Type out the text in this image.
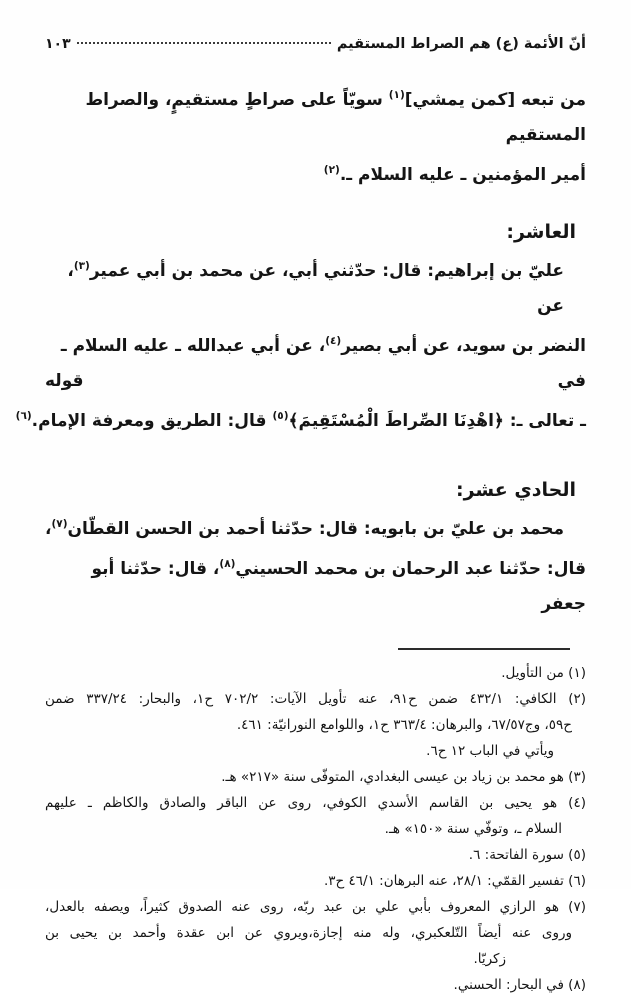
أنّ الأئمة (ع) هم الصراط المستقيم
١٠٣
من تبعه [كمن يمشي]$^{(١)}$ سويّاً على صراطٍ مستقيمٍ، والصراط المستقيم
أمير المؤمنين ـ عليه السلام ـ.$^{(٢)}$
العاشر:
عليّ بن إبراهيم: قال: حدّثني أبي، عن محمد بن أبي عمير$^{(٣)}$، عن
النضر بن سويد، عن أبي بصير$^{(٤)}$، عن أبي عبدالله ـ عليه السلام ـ في قوله
ـ تعالى ـ: ﴿اهْدِنَا الصِّراطَ الْمُسْتَقِيمَ﴾$^{(٥)}$ قال: الطريق ومعرفة الإمام.$^{(٦)}$
الحادي عشر:
محمد بن عليّ بن بابويه: قال: حدّثنا أحمد بن الحسن القطّان$^{(٧)}$،
قال: حدّثنا عبد الرحمان بن محمد الحسيني$^{(٨)}$، قال: حدّثنا أبو جعفر
(١) من التأويل.
(٢) الكافي: ٤٣٢/١ ضمن ح٩١، عنه تأويل الآيات: ٧٠٢/٢ ح١، والبحار: ٣٣٧/٢٤ ضمن
ح٥٩، وج٦٧/٥٧، والبرهان: ٣٦٣/٤ ح١، واللوامع النورانيّة: ٤٦١.
ويأتي في الباب ١٢ ح٦.
(٣) هو محمد بن زياد بن عيسى البغدادي، المتوفّى سنة «٢١٧» هـ.
(٤) هو يحيى بن القاسم الأسدي الكوفي، روى عن الباقر والصادق والكاظم ـ عليهم
السلام ـ، وتوفّي سنة «١٥٠» هـ.
(٥) سورة الفاتحة: ٦.
(٦) تفسير القمّي: ٢٨/١، عنه البرهان: ٤٦/١ ح٣.
(٧) هو الرازي المعروف بأبي علي بن عبد ربّه، روى عنه الصدوق كثيراً، ويصفه بالعدل،
وروى عنه أيضاً التّلعكبري، وله منه إجازة،ويروي عن ابن عقدة وأحمد بن يحيى بن
زكريّا.
(٨) في البحار: الحسني.
